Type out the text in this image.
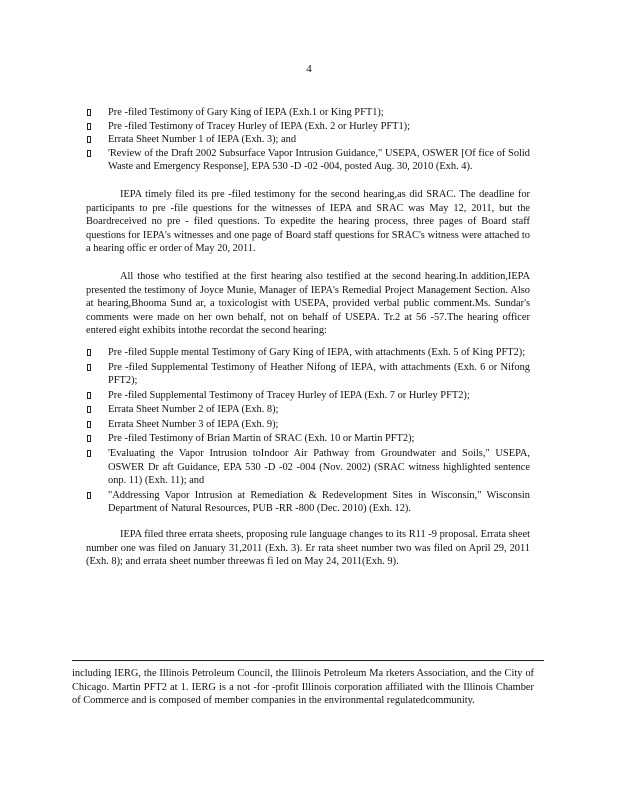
4
Pre -filed Testimony of Gary King of IEPA (Exh.1 or King PFT1);
Pre -filed Testimony of Tracey Hurley of IEPA (Exh. 2 or Hurley PFT1);
Errata Sheet Number 1 of IEPA (Exh. 3); and
'Review of the Draft 2002 Subsurface Vapor Intrusion Guidance," USEPA, OSWER [Of fice of Solid Waste and Emergency Response], EPA 530 -D -02 -004, posted Aug. 30, 2010 (Exh. 4).

IEPA timely filed its pre -filed testimony for the second hearing,as did SRAC. The deadline for participants to pre -file questions for the witnesses of IEPA and SRAC was May 12, 2011, but the Boardreceived no pre - filed questions. To expedite the hearing process, three pages of Board staff questions for IEPA's witnesses and one page of Board staff questions for SRAC's witness were attached to a hearing offic er order of May 20, 2011.

All those who testified at the first hearing also testified at the second hearing.In addition,IEPA presented the testimony of Joyce Munie, Manager of IEPA's Remedial Project Management Section. Also at hearing,Bhooma Sund ar, a toxicologist with USEPA, provided verbal public comment.Ms. Sundar's comments were made on her own behalf, not on behalf of USEPA. Tr.2 at 56 -57.The hearing officer entered eight exhibits intothe recordat the second hearing:

Pre -filed Supple mental Testimony of Gary King of IEPA, with attachments (Exh. 5 of King PFT2);
Pre -filed Supplemental Testimony of Heather Nifong of IEPA, with attachments (Exh. 6 or Nifong PFT2);
Pre -filed Supplemental Testimony of Tracey Hurley of IEPA (Exh. 7 or Hurley PFT2);
Errata Sheet Number 2 of IEPA (Exh. 8);
Errata Sheet Number 3 of IEPA (Exh. 9);
Pre -filed Testimony of Brian Martin of SRAC (Exh. 10 or Martin PFT2);
'Evaluating the Vapor Intrusion toIndoor Air Pathway from Groundwater and Soils," USEPA, OSWER Dr aft Guidance, EPA 530 -D -02 -004 (Nov. 2002) (SRAC witness highlighted sentence onp. 11) (Exh. 11); and
"Addressing Vapor Intrusion at Remediation & Redevelopment Sites in Wisconsin," Wisconsin Department of Natural Resources, PUB -RR -800 (Dec. 2010) (Exh. 12).

IEPA filed three errata sheets, proposing rule language changes to its R11 -9 proposal. Errata sheet number one was filed on January 31,2011 (Exh. 3). Er rata sheet number two was filed on April 29, 2011 (Exh. 8); and errata sheet number threewas fi led on May 24, 2011(Exh. 9).

including IERG, the Illinois Petroleum Council, the Illinois Petroleum Ma rketers Association, and the City of Chicago. Martin PFT2 at 1. IERG is a not -for -profit Illinois corporation affiliated with the Illinois Chamber of Commerce and is composed of member companies in the environmental regulatedcommunity.
